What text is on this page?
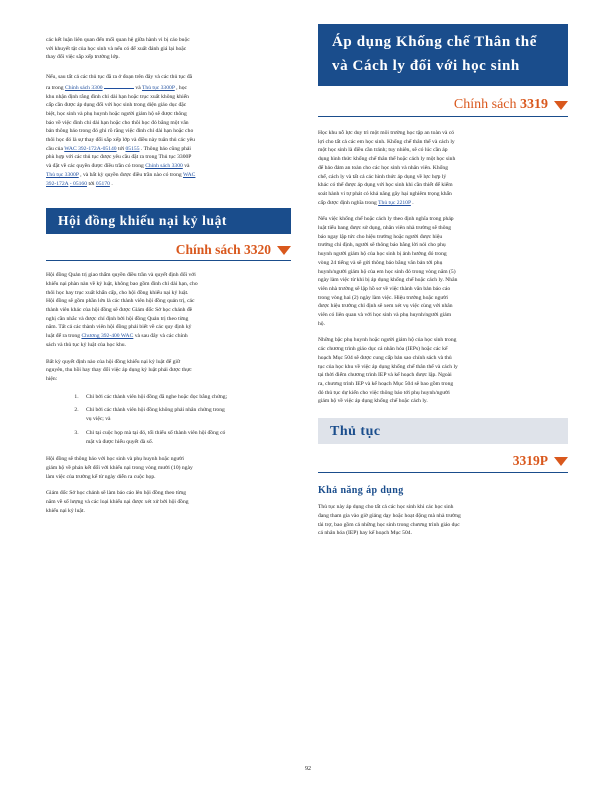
các kết luận liên quan đến mối quan hệ giữa hành vi bị cáo buộc với khuyết tật của học sinh và nếu có để xuất đánh giá lại hoặc thay đổi việc sắp xếp trường lớp.

Nếu, sau tất cả các thủ tục đã ra ở đoạn trên đây và các thủ tục đã ra trong Chính sách 3300	và Thủ tục 3300P , học khu nhận định rằng đình chỉ dài hạn hoặc trục xuất không khiến cấp cần được áp dụng đối với học sinh trong diện giáo dục đặc biệt, học sinh và phụ huynh hoặc người giám hộ sẽ được thông báo về việc đình chỉ dài hạn hoặc cho thôi học đó bằng một văn bản thông báo trong đó ghi rõ rằng việc đình chỉ dài hạn hoặc cho thôi học đó là sự thay đổi sắp xếp lớp và điều này tuân thủ các yêu cầu của WAC 392-172A-05140 tới 05155 . Thông báo cũng phải phù hợp với các thủ tục được yêu cầu đặt ra trong Thủ tục 3300P và đặt về các quyền được điều trần có trong Chính sách 3300 và Thủ tục 3300P , và bất kỳ quyền được điều trần nào có trong WAC 392-172A - 05160 tới 05170 .

Hội đồng khiếu nại kỷ luật
Chính sách 3320

Hội đồng Quản trị giao thẩm quyền điều trần và quyết định đối với khiếu nại phàn nàn về kỷ luật, không bao gồm đình chỉ dài hạn, cho thôi học hay trục xuất khẩn cấp, cho hội đồng khiếu nại kỷ luật. Hội đồng sẽ gồm phần lớn là các thành viên hội đồng quản trị, các thành viên khác của hội đồng sẽ được Giám đốc Sở học chánh đề nghị cần nhắc và được chỉ định bởi hội đồng Quản trị theo từng năm. Tất cả các thành viên hội đồng phải biết về các quy định kỷ luật để ra trong Chương 392-400 WAC và sau đây và các chính sách và thủ tục kỷ luật của học khu.

Bất kỳ quyết định nào của hội đồng khiếu nại kỷ luật để giữ nguyên, thu hồi hay thay đổi việc áp dụng kỷ luật phải được thực hiện:

1. Chỉ bởi các thành viên hội đồng đã nghe hoặc đọc bằng chứng;
2. Chỉ bởi các thành viên hội đồng không phải nhân chứng trong vụ việc; và
3. Chỉ tại cuộc họp mà tại đó, tối thiểu số thành viên hội đồng có mặt và được hiểu quyết đà số.

Hội đồng sẽ thông báo với học sinh và phụ huynh hoặc người giám hộ về phán kết đối với khiếu nại trong vòng mười (10) ngày làm việc của trường kể từ ngày diễn ra cuộc họp.

Giám đốc Sở học chánh sẽ làm báo cáo lên hội đồng theo từng năm về số lượng và các loại khiếu nại được xét xử bởi hội đồng khiếu nại kỷ luật.

Áp dụng Khống chế Thân thể và Cách ly đối với học sinh
Chính sách 3319

Học khu nỗ lực duy trì một môi trường học tập an toàn và có lợi cho tất cả các em học sinh. Khống chế thân thể và cách ly một học sinh là điều cần tránh; tuy nhiên, sẽ có lúc cần áp dụng hình thức khống chế thân thể hoặc cách ly một học sinh để bảo đảm an toàn cho các học sinh và nhân viên. Khống chế, cách ly và tất cả các hình thức áp dụng về lực hợp lý khác có thể được áp dụng với học sinh khi cần thiết để kiểm soát hành vi tự phát có khả năng gây hại nghiêm trọng khẩn cấp được định nghĩa trong Thủ tục 2210P .

Nếu việc khống chế hoặc cách ly theo định nghĩa trong pháp luật tiểu bang được sử dụng, nhân viên nhà trường sẽ thông báo ngay lập tức cho hiệu trưởng hoặc người được hiệu trưởng chỉ định, người sẽ thông báo bằng lời nói cho phụ huynh người giám hộ của học sinh bị ảnh hưởng đó trong vòng 24 tiếng và sẽ gửi thông báo bằng văn bản tới phụ huynh/người giám hộ của em học sinh đó trong vòng năm (5) ngày làm việc từ khi bị áp dụng khống chế hoặc cách ly. Nhân viên nhà trường sẽ lập hồ sơ về việc thành văn bản báo cáo trong vòng hai (2) ngày làm việc. Hiệu trưởng hoặc người được hiệu trưởng chỉ định sẽ xem xét vụ việc cùng với nhân viên có liên quan và với học sinh và phụ huynh/người giám hộ.

Những bậc phụ huynh hoặc người giám hộ của học sinh trong các chương trình giáo dục cá nhân hóa (IEPs) hoặc các kế hoạch Mục 504 sẽ được cung cấp bản sao chính sách và thủ tục của học khu về việc áp dụng khống chế thân thể và cách ly tại thời điểm chương trình IEP và kế hoạch được lập. Ngoài ra, chương trình IEP và kế hoạch Mục 504 sẽ bao gồm trong đó thủ tục dự kiến cho việc thông báo tới phụ huynh/người giám hộ về việc áp dụng khống chế hoặc cách ly.

Thủ tục
3319P
Khả năng áp dụng

Thủ tục này áp dụng cho tất cả các học sinh khi các học sinh đang tham gia vào giờ giảng dạy hoặc hoạt động mà nhà trường tài trợ, bao gồm cả những học sinh trong chương trình giáo dục cá nhân hóa (IEP) hay kế hoạch Mục 504.

92
